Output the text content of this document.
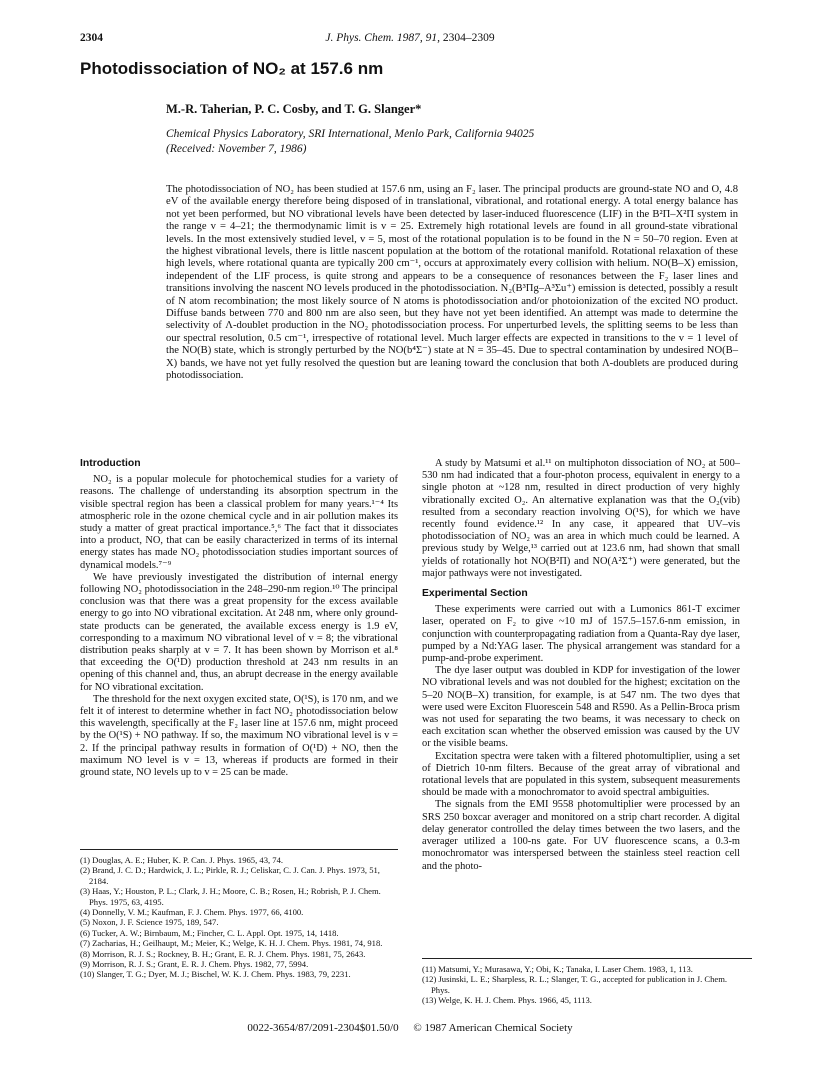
2304	J. Phys. Chem. 1987, 91, 2304–2309
Photodissociation of NO₂ at 157.6 nm
M.-R. Taherian, P. C. Cosby, and T. G. Slanger*
Chemical Physics Laboratory, SRI International, Menlo Park, California 94025
(Received: November 7, 1986)

The photodissociation of NO₂ has been studied at 157.6 nm, using an F₂ laser. The principal products are ground-state NO and O, 4.8 eV of the available energy therefore being disposed of in translational, vibrational, and rotational energy. A total energy balance has not yet been performed, but NO vibrational levels have been detected by laser-induced fluorescence (LIF) in the B²Π–X²Π system in the range v = 4–21; the thermodynamic limit is v = 25. Extremely high rotational levels are found in all ground-state vibrational levels. In the most extensively studied level, v = 5, most of the rotational population is to be found in the N = 50–70 region. Even at the highest vibrational levels, there is little nascent population at the bottom of the rotational manifold. Rotational relaxation of these high levels, where rotational quanta are typically 200 cm⁻¹, occurs at approximately every collision with helium. NO(B–X) emission, independent of the LIF process, is quite strong and appears to be a consequence of resonances between the F₂ laser lines and transitions involving the nascent NO levels produced in the photodissociation. N₂(B³Πg–A³Σu⁺) emission is detected, possibly a result of N atom recombination; the most likely source of N atoms is photodissociation and/or photoionization of the excited NO product. Diffuse bands between 770 and 800 nm are also seen, but they have not yet been identified. An attempt was made to determine the selectivity of Λ-doublet production in the NO₂ photodissociation process. For unperturbed levels, the splitting seems to be less than our spectral resolution, 0.5 cm⁻¹, irrespective of rotational level. Much larger effects are expected in transitions to the v = 1 level of the NO(B) state, which is strongly perturbed by the NO(b⁴Σ⁻) state at N = 35–45. Due to spectral contamination by undesired NO(B–X) bands, we have not yet fully resolved the question but are leaning toward the conclusion that both Λ-doublets are produced during photodissociation.

Introduction

NO₂ is a popular molecule for photochemical studies for a variety of reasons. The challenge of understanding its absorption spectrum in the visible spectral region has been a classical problem for many years.¹⁻⁴ Its atmospheric role in the ozone chemical cycle and in air pollution makes its study a matter of great practical importance.⁵,⁶ The fact that it dissociates into a product, NO, that can be easily characterized in terms of its internal energy states has made NO₂ photodissociation studies important sources of dynamical models.⁷⁻⁹

We have previously investigated the distribution of internal energy following NO₂ photodissociation in the 248–290-nm region.¹⁰ The principal conclusion was that there was a great propensity for the excess available energy to go into NO vibrational excitation. At 248 nm, where only ground-state products can be generated, the available excess energy is 1.9 eV, corresponding to a maximum NO vibrational level of v = 8; the vibrational distribution peaks sharply at v = 7. It has been shown by Morrison et al.⁸ that exceeding the O(¹D) production threshold at 243 nm results in an opening of this channel and, thus, an abrupt decrease in the energy available for NO vibrational excitation.

The threshold for the next oxygen excited state, O(¹S), is 170 nm, and we felt it of interest to determine whether in fact NO₂ photodissociation below this wavelength, specifically at the F₂ laser line at 157.6 nm, might proceed by the O(¹S) + NO pathway. If so, the maximum NO vibrational level is v = 2. If the principal pathway results in formation of O(¹D) + NO, then the maximum NO level is v = 13, whereas if products are formed in their ground state, NO levels up to v = 25 can be made.

A study by Matsumi et al.¹¹ on multiphoton dissociation of NO₂ at 500–530 nm had indicated that a four-photon process, equivalent in energy to a single photon at ~128 nm, resulted in direct production of very highly vibrationally excited O₂. An alternative explanation was that the O₂(vib) resulted from a secondary reaction involving O(¹S), for which we have recently found evidence.¹² In any case, it appeared that UV–vis photodissociation of NO₂ was an area in which much could be learned. A previous study by Welge,¹³ carried out at 123.6 nm, had shown that small yields of rotationally hot NO(B²Π) and NO(A²Σ⁺) were generated, but the major pathways were not investigated.

Experimental Section

These experiments were carried out with a Lumonics 861-T excimer laser, operated on F₂ to give ~10 mJ of 157.5–157.6-nm emission, in conjunction with counterpropagating radiation from a Quanta-Ray dye laser, pumped by a Nd:YAG laser. The physical arrangement was standard for a pump-and-probe experiment.

The dye laser output was doubled in KDP for investigation of the lower NO vibrational levels and was not doubled for the highest; excitation on the 5–20 NO(B–X) transition, for example, is at 547 nm. The two dyes that were used were Exciton Fluorescein 548 and R590. As a Pellin-Broca prism was not used for separating the two beams, it was necessary to check on each excitation scan whether the observed emission was caused by the UV or the visible beams.

Excitation spectra were taken with a filtered photomultiplier, using a set of Dietrich 10-nm filters. Because of the great array of vibrational and rotational levels that are populated in this system, subsequent measurements should be made with a monochromator to avoid spectral ambiguities.

The signals from the EMI 9558 photomultiplier were processed by an SRS 250 boxcar averager and monitored on a strip chart recorder. A digital delay generator controlled the delay times between the two lasers, and the averager utilized a 100-ns gate. For UV fluorescence scans, a 0.3-m monochromator was interspersed between the stainless steel reaction cell and the photo-

(1) Douglas, A. E.; Huber, K. P. Can. J. Phys. 1965, 43, 74.

(2) Brand, J. C. D.; Hardwick, J. L.; Pirkle, R. J.; Celiskar, C. J. Can. J. Phys. 1973, 51, 2184.

(3) Haas, Y.; Houston, P. L.; Clark, J. H.; Moore, C. B.; Rosen, H.; Robrish, P. J. Chem. Phys. 1975, 63, 4195.

(4) Donnelly, V. M.; Kaufman, F. J. Chem. Phys. 1977, 66, 4100.

(5) Noxon, J. F. Science 1975, 189, 547.

(6) Tucker, A. W.; Birnbaum, M.; Fincher, C. L. Appl. Opt. 1975, 14, 1418.

(7) Zacharias, H.; Geilhaupt, M.; Meier, K.; Welge, K. H. J. Chem. Phys. 1981, 74, 918.

(8) Morrison, R. J. S.; Rockney, B. H.; Grant, E. R. J. Chem. Phys. 1981, 75, 2643.

(9) Morrison, R. J. S.; Grant, E. R. J. Chem. Phys. 1982, 77, 5994.

(10) Slanger, T. G.; Dyer, M. J.; Bischel, W. K. J. Chem. Phys. 1983, 79, 2231.

(11) Matsumi, Y.; Murasawa, Y.; Obi, K.; Tanaka, I. Laser Chem. 1983, 1, 113.

(12) Jusinski, L. E.; Sharpless, R. L.; Slanger, T. G., accepted for publication in J. Chem. Phys.

(13) Welge, K. H. J. Chem. Phys. 1966, 45, 1113.

0022-3654/87/2091-2304$01.50/0 © 1987 American Chemical Society
